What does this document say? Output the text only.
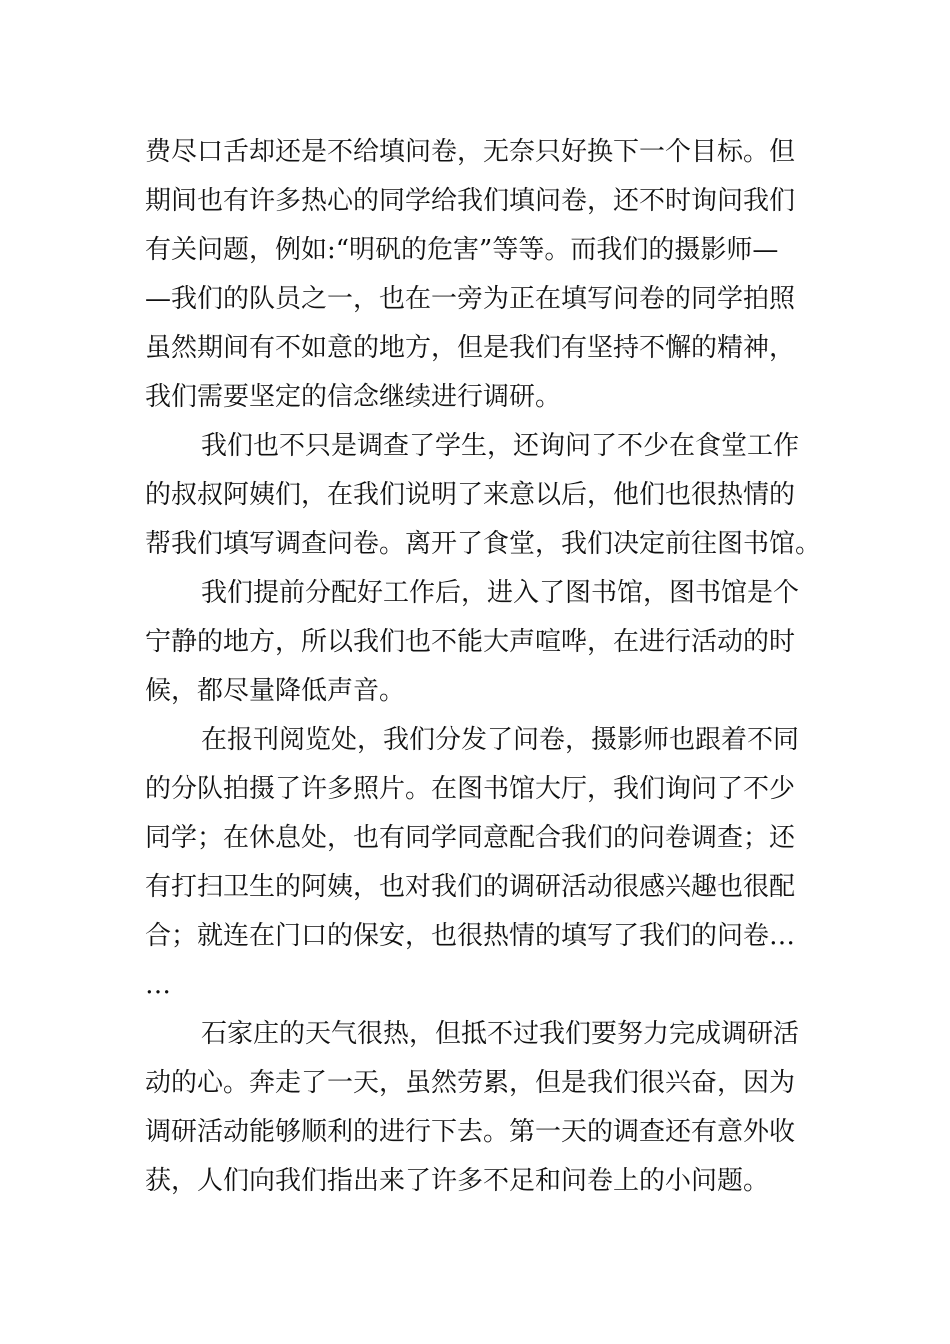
费尽口舌却还是不给填问卷，无奈只好换下一个目标。但
期间也有许多热心的同学给我们填问卷，还不时询问我们
有关问题，例如:“明矾的危害”等等。而我们的摄影师—
—我们的队员之一，也在一旁为正在填写问卷的同学拍照
虽然期间有不如意的地方，但是我们有坚持不懈的精神，
我们需要坚定的信念继续进行调研。
我们也不只是调查了学生，还询问了不少在食堂工作
的叔叔阿姨们，在我们说明了来意以后，他们也很热情的
帮我们填写调查问卷。离开了食堂，我们决定前往图书馆。
我们提前分配好工作后，进入了图书馆，图书馆是个
宁静的地方，所以我们也不能大声喧哗，在进行活动的时
候，都尽量降低声音。
在报刊阅览处，我们分发了问卷，摄影师也跟着不同
的分队拍摄了许多照片。在图书馆大厅，我们询问了不少
同学；在休息处，也有同学同意配合我们的问卷调查；还
有打扫卫生的阿姨，也对我们的调研活动很感兴趣也很配
合；就连在门口的保安，也很热情的填写了我们的问卷…
…
石家庄的天气很热，但抵不过我们要努力完成调研活
动的心。奔走了一天，虽然劳累，但是我们很兴奋，因为
调研活动能够顺利的进行下去。第一天的调查还有意外收
获，人们向我们指出来了许多不足和问卷上的小问题。
